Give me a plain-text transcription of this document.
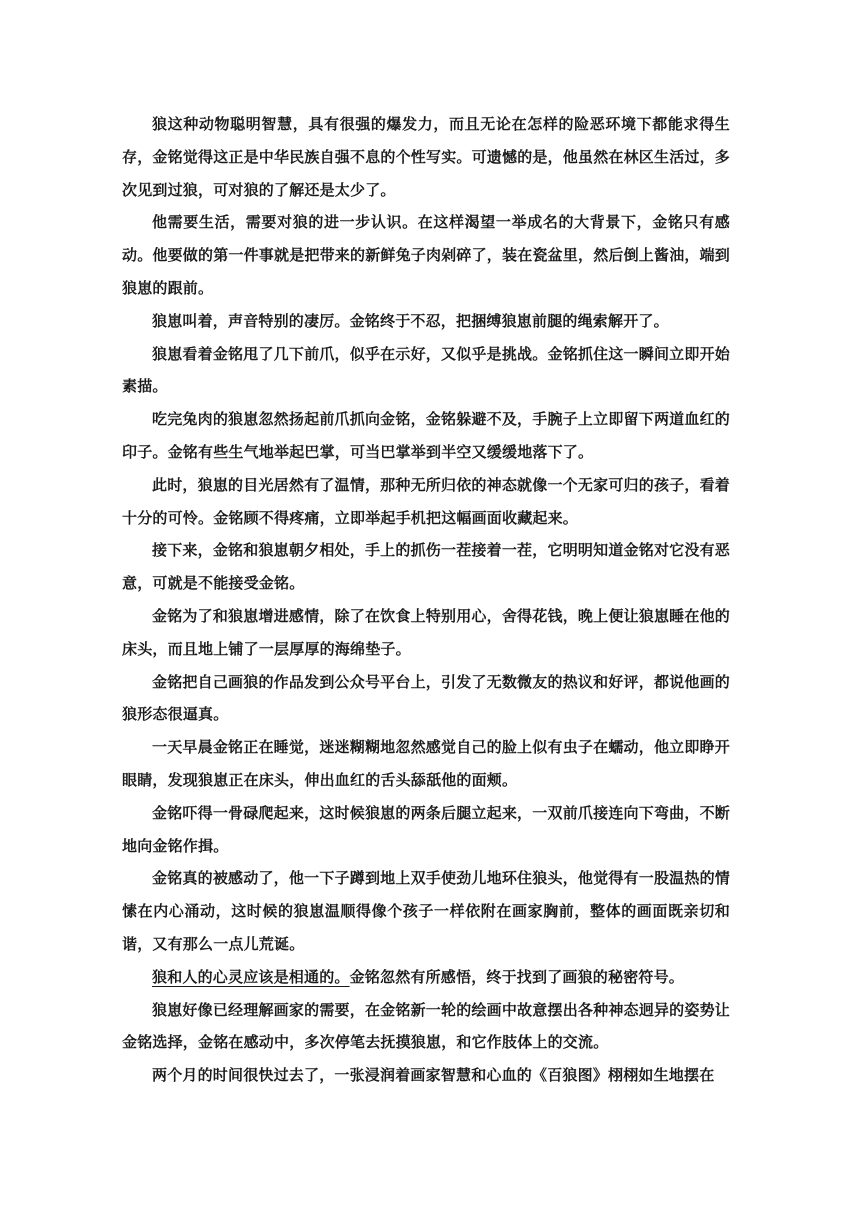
狼这种动物聪明智慧，具有很强的爆发力，而且无论在怎样的险恶环境下都能求得生存，金铭觉得这正是中华民族自强不息的个性写实。可遗憾的是，他虽然在林区生活过，多次见到过狼，可对狼的了解还是太少了。

他需要生活，需要对狼的进一步认识。在这样渴望一举成名的大背景下，金铭只有感动。他要做的第一件事就是把带来的新鲜兔子肉剁碎了，装在瓷盆里，然后倒上酱油，端到狼崽的跟前。

狼崽叫着，声音特别的凄厉。金铭终于不忍，把捆缚狼崽前腿的绳索解开了。

狼崽看着金铭甩了几下前爪，似乎在示好，又似乎是挑战。金铭抓住这一瞬间立即开始素描。

吃完兔肉的狼崽忽然扬起前爪抓向金铭，金铭躲避不及，手腕子上立即留下两道血红的印子。金铭有些生气地举起巴掌，可当巴掌举到半空又缓缓地落下了。

此时，狼崽的目光居然有了温情，那种无所归依的神态就像一个无家可归的孩子，看着十分的可怜。金铭顾不得疼痛，立即举起手机把这幅画面收藏起来。

接下来，金铭和狼崽朝夕相处，手上的抓伤一茬接着一茬，它明明知道金铭对它没有恶意，可就是不能接受金铭。

金铭为了和狼崽增进感情，除了在饮食上特别用心，舍得花钱，晚上便让狼崽睡在他的床头，而且地上铺了一层厚厚的海绵垫子。

金铭把自己画狼的作品发到公众号平台上，引发了无数微友的热议和好评，都说他画的狼形态很逼真。

一天早晨金铭正在睡觉，迷迷糊糊地忽然感觉自己的脸上似有虫子在蠕动，他立即睁开眼睛，发现狼崽正在床头，伸出血红的舌头舔舐他的面颊。

金铭吓得一骨碌爬起来，这时候狼崽的两条后腿立起来，一双前爪接连向下弯曲，不断地向金铭作揖。

金铭真的被感动了，他一下子蹲到地上双手使劲儿地环住狼头，他觉得有一股温热的情愫在内心涌动，这时候的狼崽温顺得像个孩子一样依附在画家胸前，整体的画面既亲切和谐，又有那么一点儿荒诞。

狼和人的心灵应该是相通的。金铭忽然有所感悟，终于找到了画狼的秘密符号。

狼崽好像已经理解画家的需要，在金铭新一轮的绘画中故意摆出各种神态迥异的姿势让金铭选择，金铭在感动中，多次停笔去抚摸狼崽，和它作肢体上的交流。

两个月的时间很快过去了，一张浸润着画家智慧和心血的《百狼图》栩栩如生地摆在
